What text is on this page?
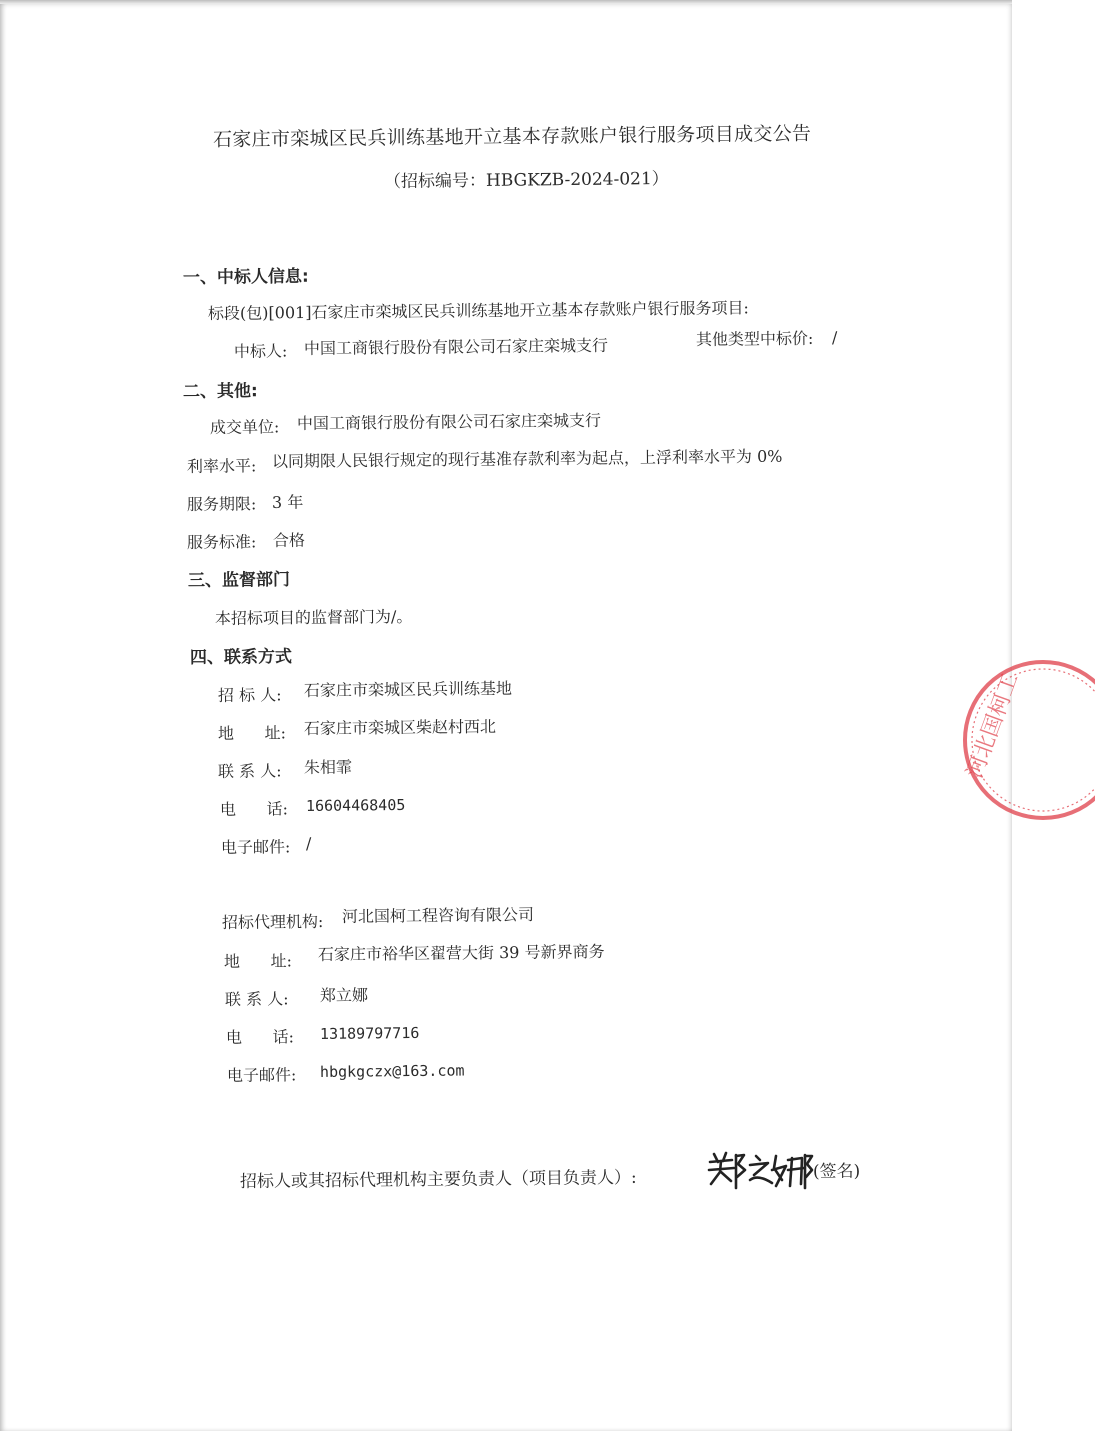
石家庄市栾城区民兵训练基地开立基本存款账户银行服务项目成交公告
（招标编号：HBGKZB-2024-021）
一、中标人信息:
标段(包)[001]石家庄市栾城区民兵训练基地开立基本存款账户银行服务项目:
中标人: 中国工商银行股份有限公司石家庄栾城支行	其他类型中标价: /
二、其他:
成交单位: 中国工商银行股份有限公司石家庄栾城支行
利率水平: 以同期限人民银行规定的现行基准存款利率为起点，上浮利率水平为 0%
服务期限: 3 年
服务标准: 合格
三、监督部门
本招标项目的监督部门为/。
四、联系方式
招 标 人:	石家庄市栾城区民兵训练基地
地      址: 石家庄市栾城区柴赵村西北
联 系 人: 朱相霏
电      话: 16604468405
电子邮件: /
招标代理机构: 河北国柯工程咨询有限公司
地      址: 石家庄市裕华区翟营大街 39 号新界商务
联 系 人: 郑立娜
电      话: 13189797716
电子邮件: hbgkgczx@163.com
招标人或其招标代理机构主要负责人（项目负责人）:	(签名)
河北国柯工
